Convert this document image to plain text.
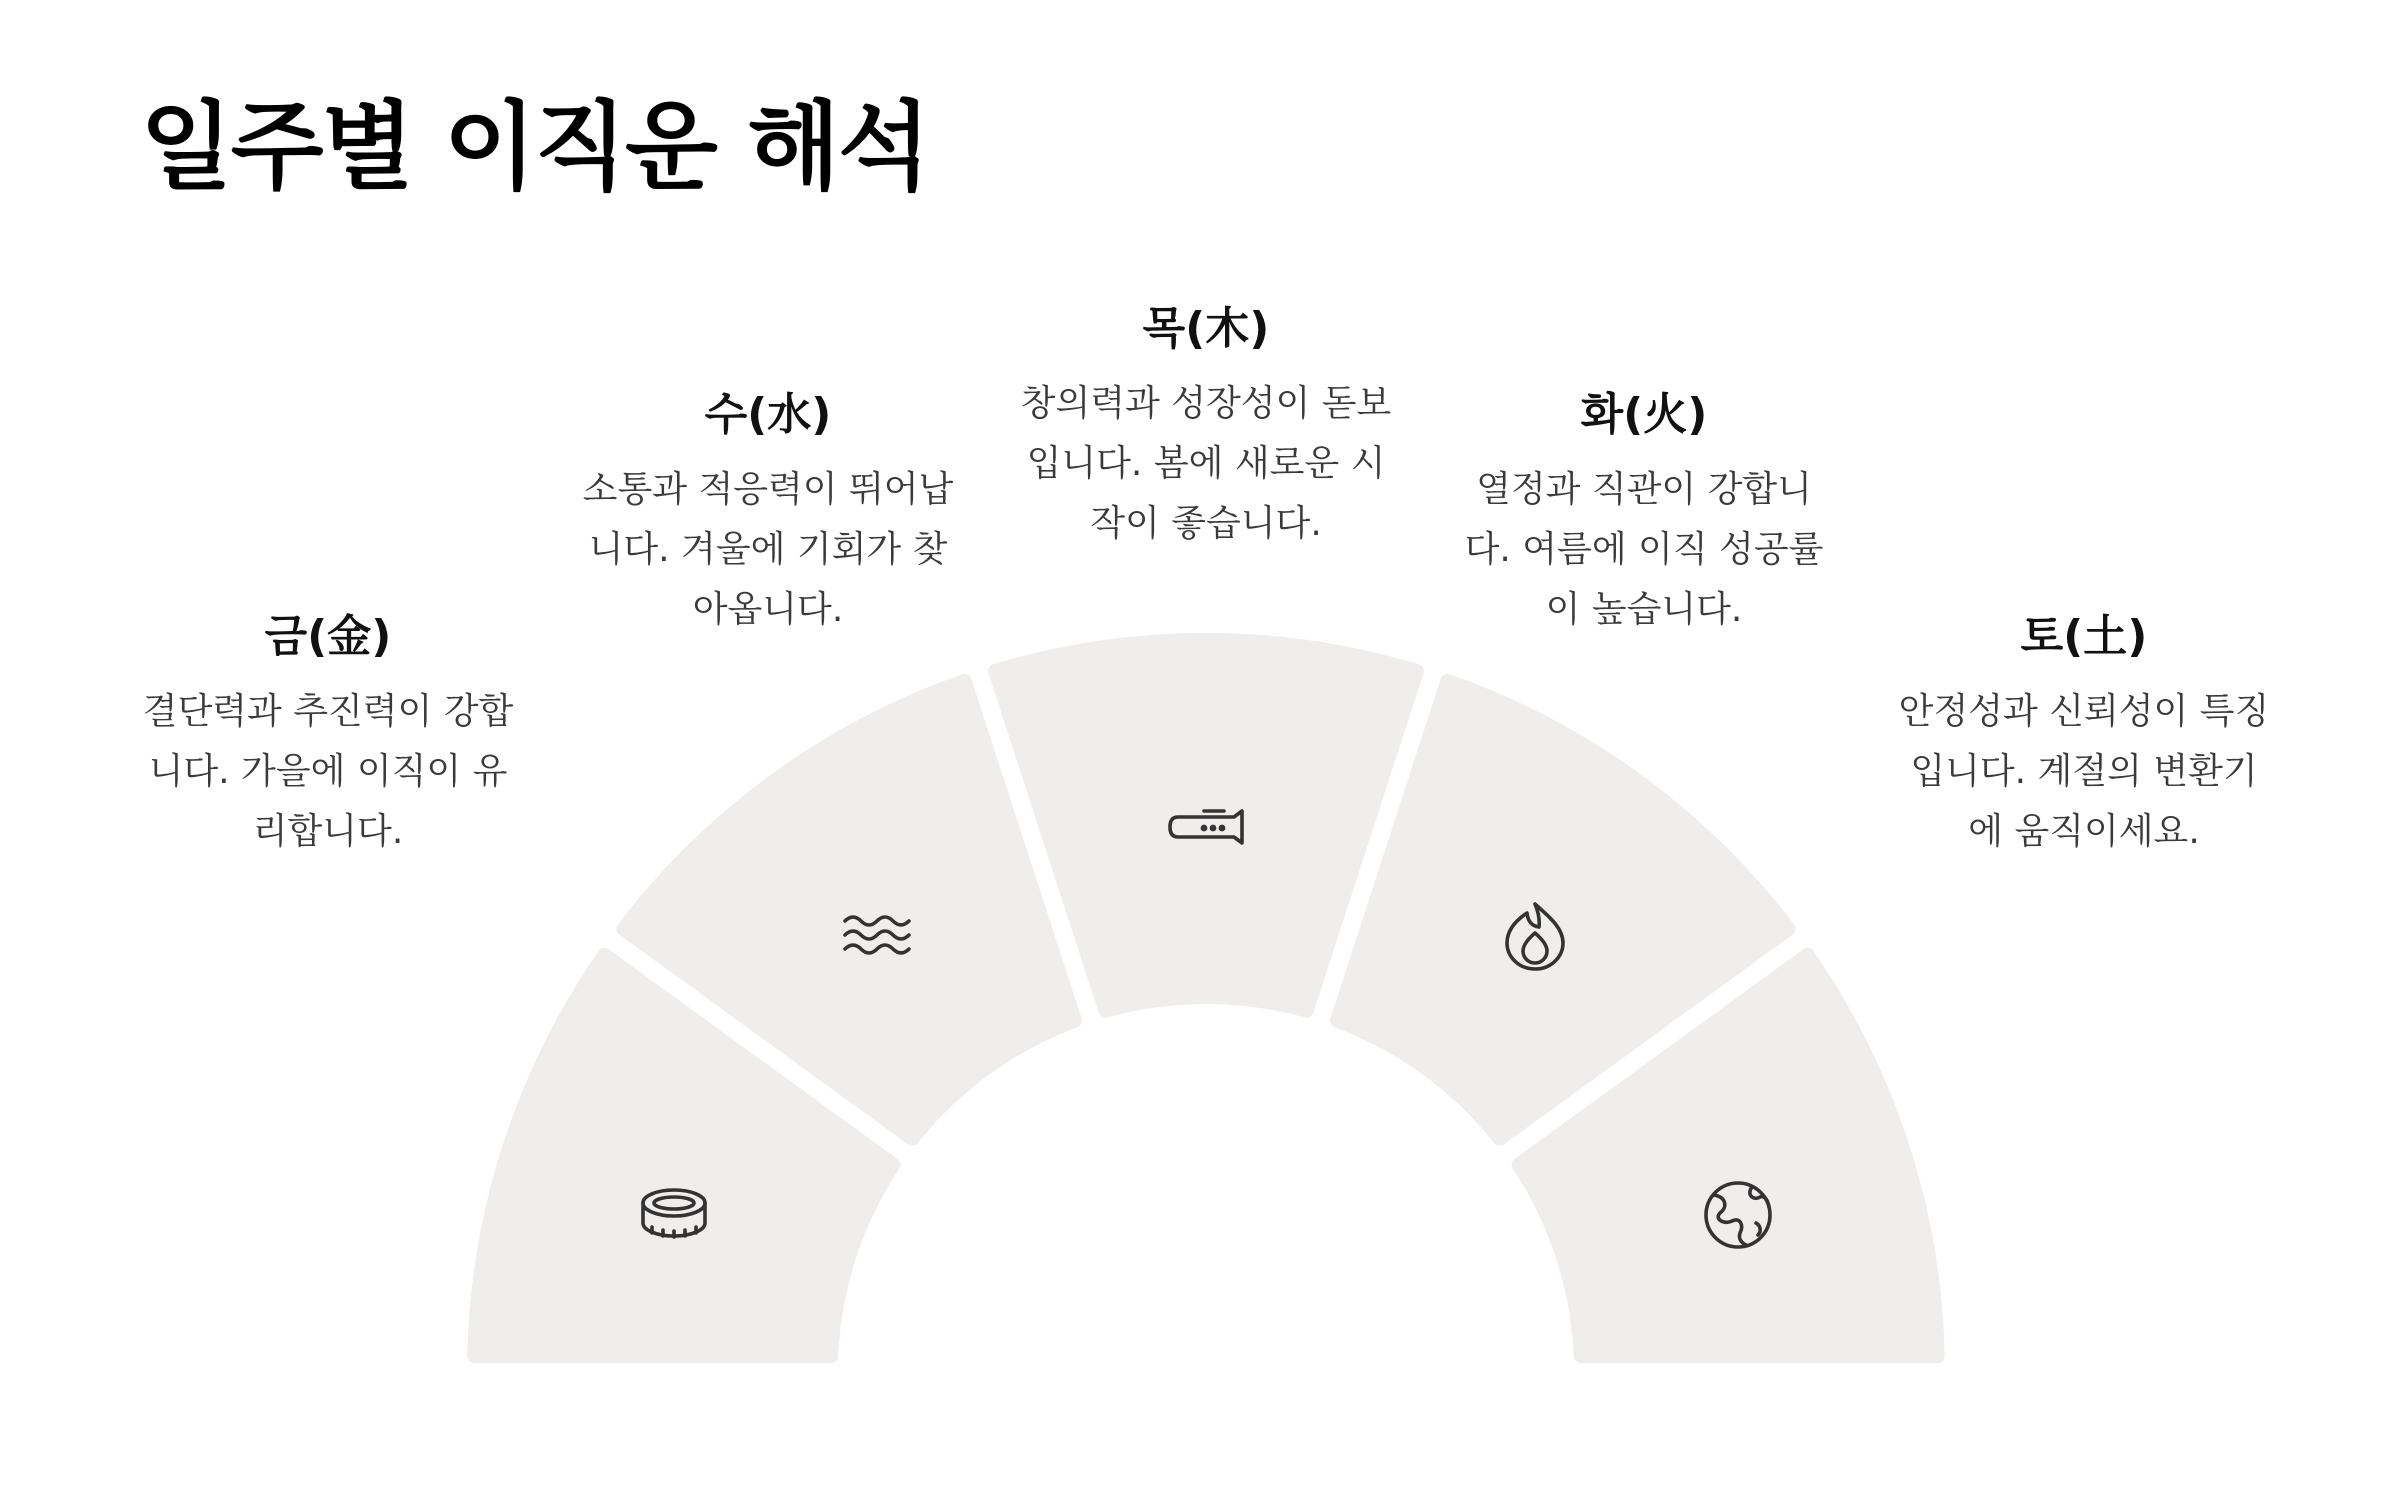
일주별 이직운 해석
금(金)
결단력과 추진력이 강합니다. 가을에 이직이 유리합니다.
수(水)
소통과 적응력이 뛰어납니다. 겨울에 기회가 찾아옵니다.
목(木)
창의력과 성장성이 돋보입니다. 봄에 새로운 시작이 좋습니다.
화(火)
열정과 직관이 강합니다. 여름에 이직 성공률이 높습니다.
토(土)
안정성과 신뢰성이 특징입니다. 계절의 변환기에 움직이세요.
